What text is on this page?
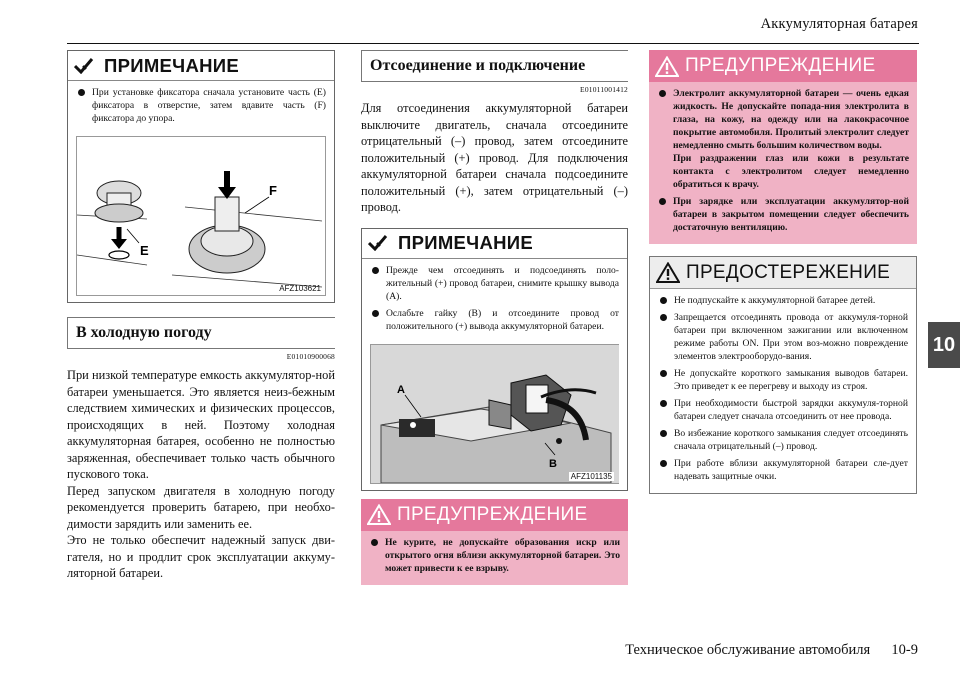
Аккумуляторная батарея
10
ПРИМЕЧАНИЕ
При установке фиксатора сначала установите часть (E) фиксатора в отверстие, затем вдавите часть (F) фиксатора до упора.
E
F
AFZ103621
В холодную погоду
E01010900068

При низкой температуре емкость аккумулятор-ной батареи уменьшается. Это является неиз-бежным следствием химических и физических процессов, происходящих в ней. Поэтому холодная аккумуляторная батарея, особенно не полностью заряженная, обеспечивает только часть обычного пускового тока.

Перед запуском двигателя в холодную погоду рекомендуется проверить батарею, при необхо-димости зарядить или заменить ее.

Это не только обеспечит надежный запуск дви-гателя, но и продлит срок эксплуатации аккуму-ляторной батареи.

Отсоединение и подключение
E01011001412

Для отсоединения аккумуляторной батареи выключите двигатель, сначала отсоедините отрицательный (–) провод, затем отсоедините положительный (+) провод. Для подключения аккумуляторной батареи сначала подсоедините положительный (+), затем отрицательный (–) провод.

ПРИМЕЧАНИЕ
Прежде чем отсоединять и подсоединять поло-жительный (+) провод батареи, снимите крышку вывода (A).
Ослабьте гайку (B) и отсоедините провод от положительного (+) вывода аккумуляторной батареи.
A
B
AFZ101135
ПРЕДУПРЕЖДЕНИЕ
Не курите, не допускайте образования искр или открытого огня вблизи аккумуляторной батареи. Это может привести к ее взрыву.
ПРЕДУПРЕЖДЕНИЕ
Электролит аккумуляторной батареи — очень едкая жидкость. Не допускайте попада-ния электролита в глаза, на кожу, на одежду или на лакокрасочное покрытие автомобиля. Пролитый электролит следует немедленно смыть большим количеством воды.
При раздражении глаз или кожи в результате контакта с электролитом следует немедленно обратиться к врачу.
При зарядке или эксплуатации аккумулятор-ной батареи в закрытом помещении следует обеспечить достаточную вентиляцию.
ПРЕДОСТЕРЕЖЕНИЕ
Не подпускайте к аккумуляторной батарее детей.
Запрещается отсоединять провода от аккумуля-торной батареи при включенном зажигании или включенном режиме работы ON. При этом воз-можно повреждение элементов электрооборудо-вания.
Не допускайте короткого замыкания выводов батареи. Это приведет к ее перегреву и выходу из строя.
При необходимости быстрой зарядки аккумуля-торной батареи следует сначала отсоединить от нее провода.
Во избежание короткого замыкания следует отсоединять сначала отрицательный (–) провод.
При работе вблизи аккумуляторной батареи сле-дует надевать защитные очки.
Техническое обслуживание автомобиля 10-9
